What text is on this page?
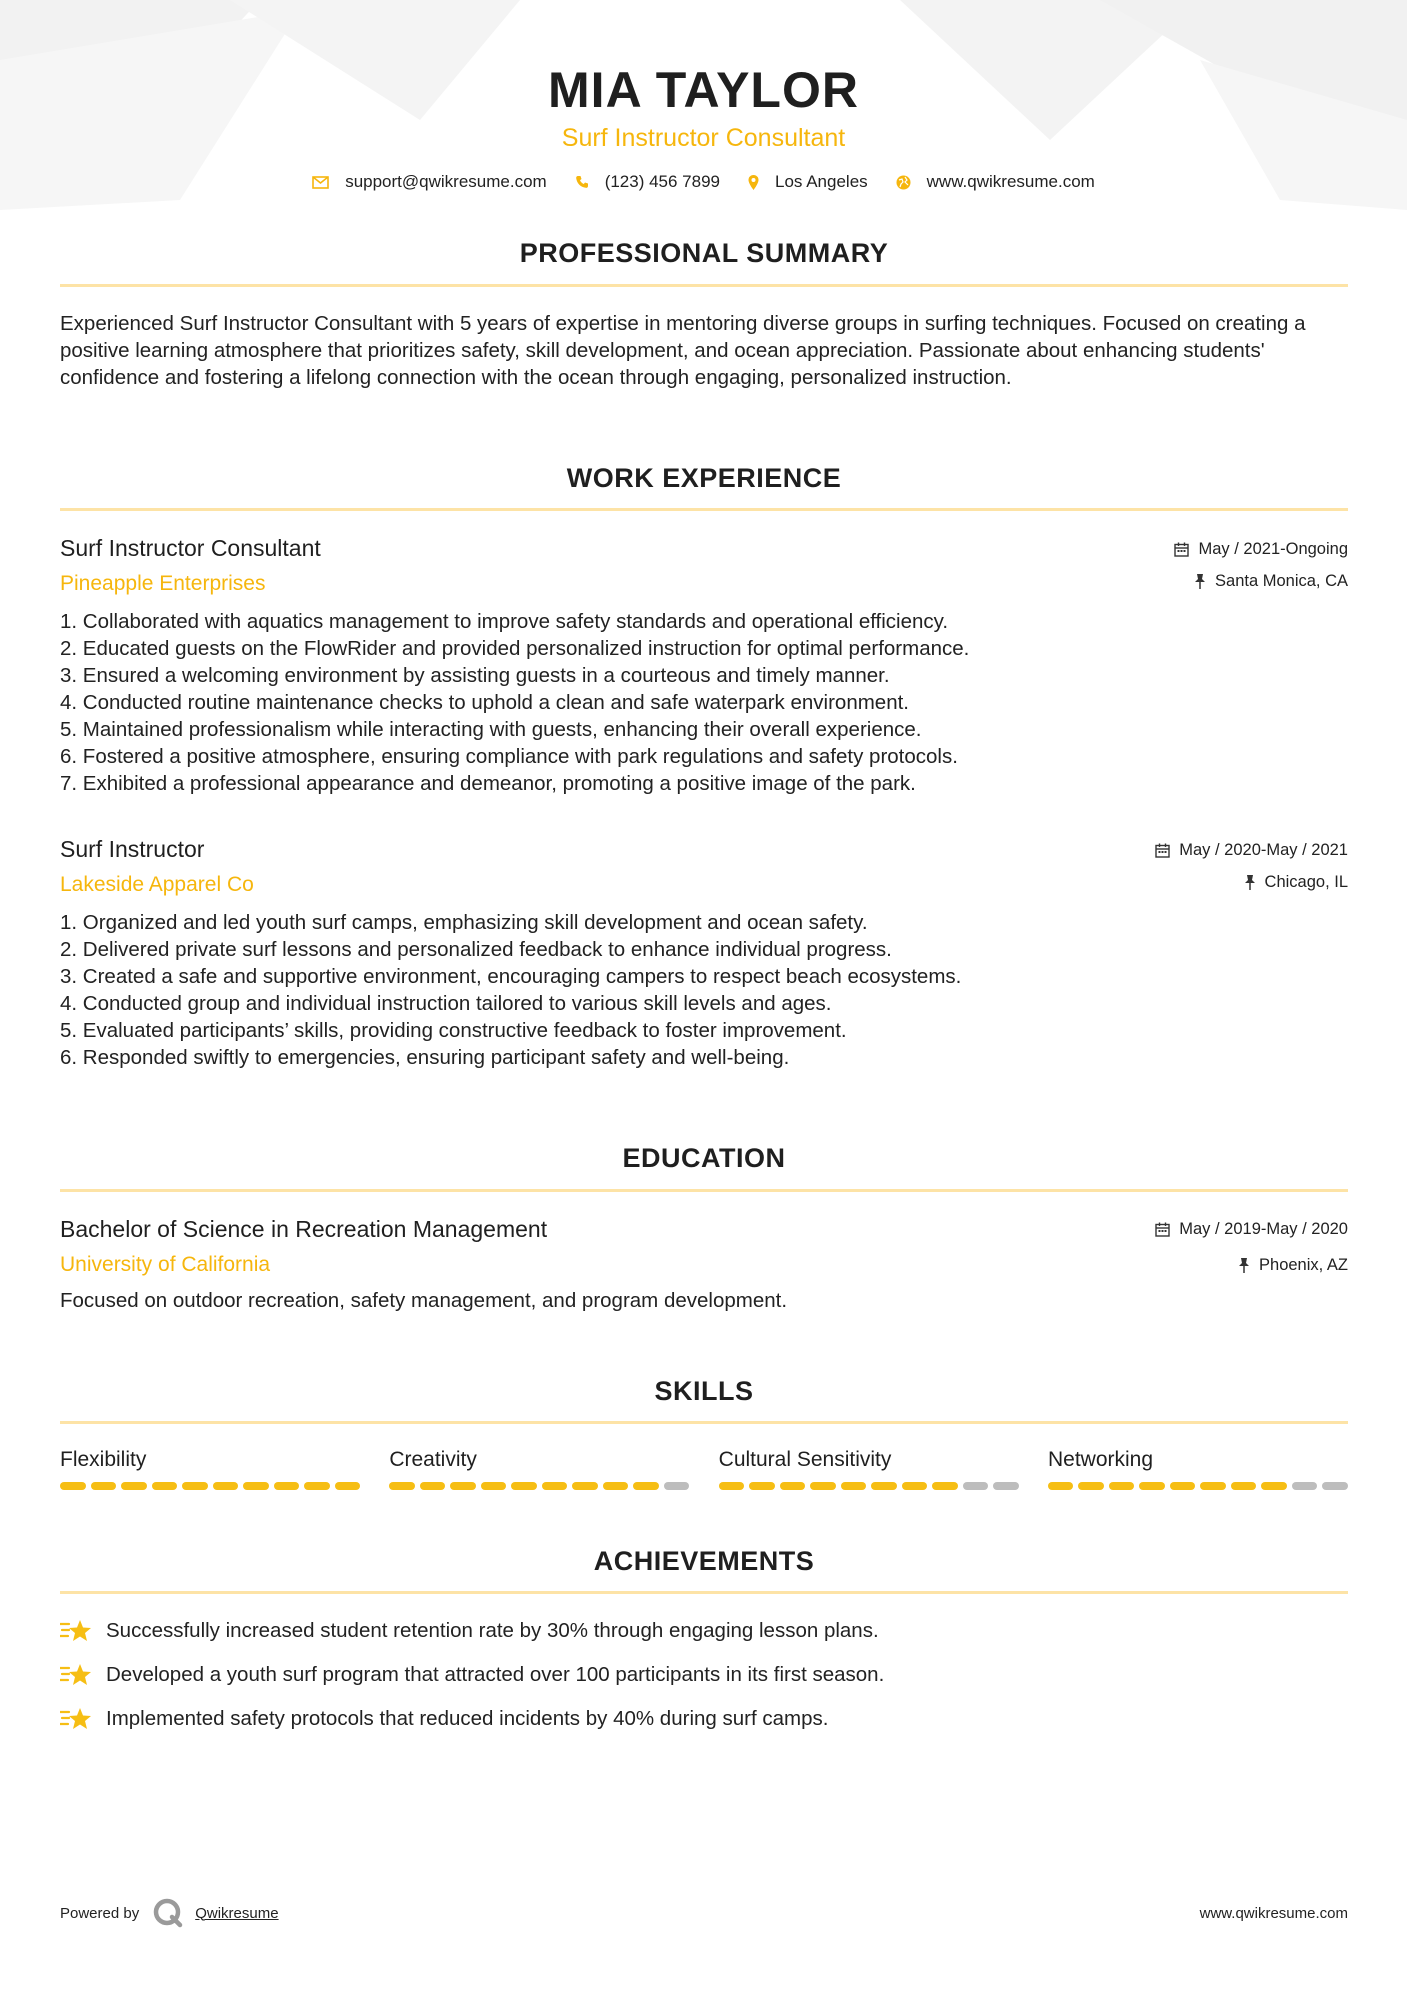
MIA TAYLOR
Surf Instructor Consultant
support@qwikresume.com	(123) 456 7899	Los Angeles	www.qwikresume.com
PROFESSIONAL SUMMARY
Experienced Surf Instructor Consultant with 5 years of expertise in mentoring diverse groups in surfing techniques. Focused on creating a positive learning atmosphere that prioritizes safety, skill development, and ocean appreciation. Passionate about enhancing students' confidence and fostering a lifelong connection with the ocean through engaging, personalized instruction.
WORK EXPERIENCE
Surf Instructor Consultant
Pineapple Enterprises
May / 2021-Ongoing
Santa Monica, CA
1. Collaborated with aquatics management to improve safety standards and operational efficiency.
2. Educated guests on the FlowRider and provided personalized instruction for optimal performance.
3. Ensured a welcoming environment by assisting guests in a courteous and timely manner.
4. Conducted routine maintenance checks to uphold a clean and safe waterpark environment.
5. Maintained professionalism while interacting with guests, enhancing their overall experience.
6. Fostered a positive atmosphere, ensuring compliance with park regulations and safety protocols.
7. Exhibited a professional appearance and demeanor, promoting a positive image of the park.
Surf Instructor
Lakeside Apparel Co
May / 2020-May / 2021
Chicago, IL
1. Organized and led youth surf camps, emphasizing skill development and ocean safety.
2. Delivered private surf lessons and personalized feedback to enhance individual progress.
3. Created a safe and supportive environment, encouraging campers to respect beach ecosystems.
4. Conducted group and individual instruction tailored to various skill levels and ages.
5. Evaluated participants’ skills, providing constructive feedback to foster improvement.
6. Responded swiftly to emergencies, ensuring participant safety and well-being.
EDUCATION
Bachelor of Science in Recreation Management
University of California
May / 2019-May / 2020
Phoenix, AZ
Focused on outdoor recreation, safety management, and program development.
SKILLS
Flexibility	Creativity	Cultural Sensitivity	Networking
ACHIEVEMENTS
Successfully increased student retention rate by 30% through engaging lesson plans.
Developed a youth surf program that attracted over 100 participants in its first season.
Implemented safety protocols that reduced incidents by 40% during surf camps.
Powered by	Qwikresume	www.qwikresume.com
